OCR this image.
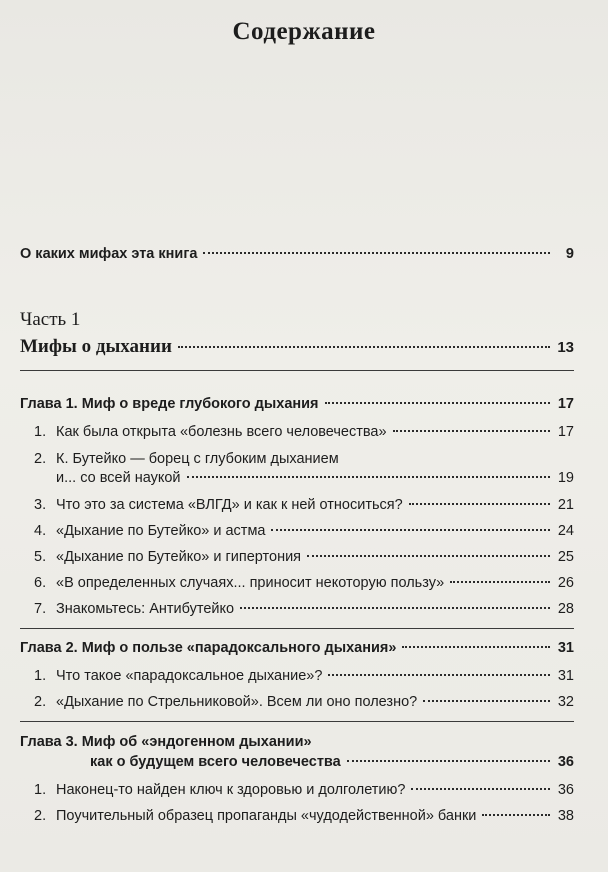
Содержание
О каких мифах эта книга	9
Часть 1
Мифы о дыхании	13
Глава 1. Миф о вреде глубокого дыхания	17
1. Как была открыта «болезнь всего человечества»	17
2. К. Бутейко — борец с глубоким дыханием
и... со всей наукой	19
3. Что это за система «ВЛГД» и как к ней относиться?	21
4. «Дыхание по Бутейко» и астма	24
5. «Дыхание по Бутейко» и гипертония	25
6. «В определенных случаях... приносит некоторую пользу»	26
7. Знакомьтесь: Антибутейко	28
Глава 2. Миф о пользе «парадоксального дыхания»	31
1. Что такое «парадоксальное дыхание»?	31
2. «Дыхание по Стрельниковой». Всем ли оно полезно?	32
Глава 3. Миф об «эндогенном дыхании»
как о будущем всего человечества	36
1. Наконец-то найден ключ к здоровью и долголетию?	36
2. Поучительный образец пропаганды «чудодейственной» банки	38
